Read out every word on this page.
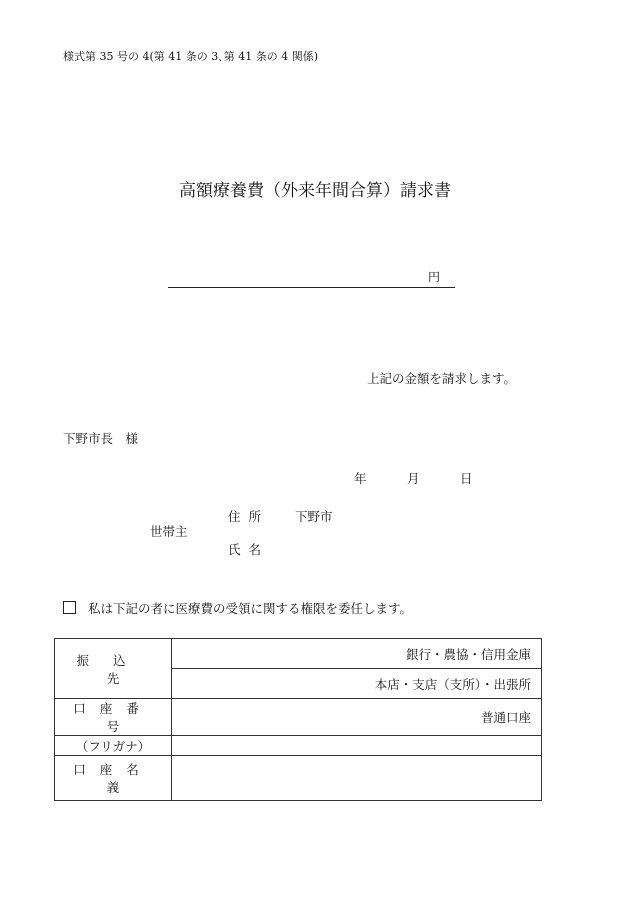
様式第 35 号の 4(第 41 条の 3､第 41 条の 4 関係)
高額療養費（外来年間合算）請求書
円
上記の金額を請求します。
下野市長　様
年	月	日
住所 下野市
世帯主
氏名
私は下記の者に医療費の受領に関する権限を委任します。
振込先	銀行・農協・信用金庫
	本店・支店（支所）・出張所
口座番号	普通口座
（フリガナ）	
口座名義	
